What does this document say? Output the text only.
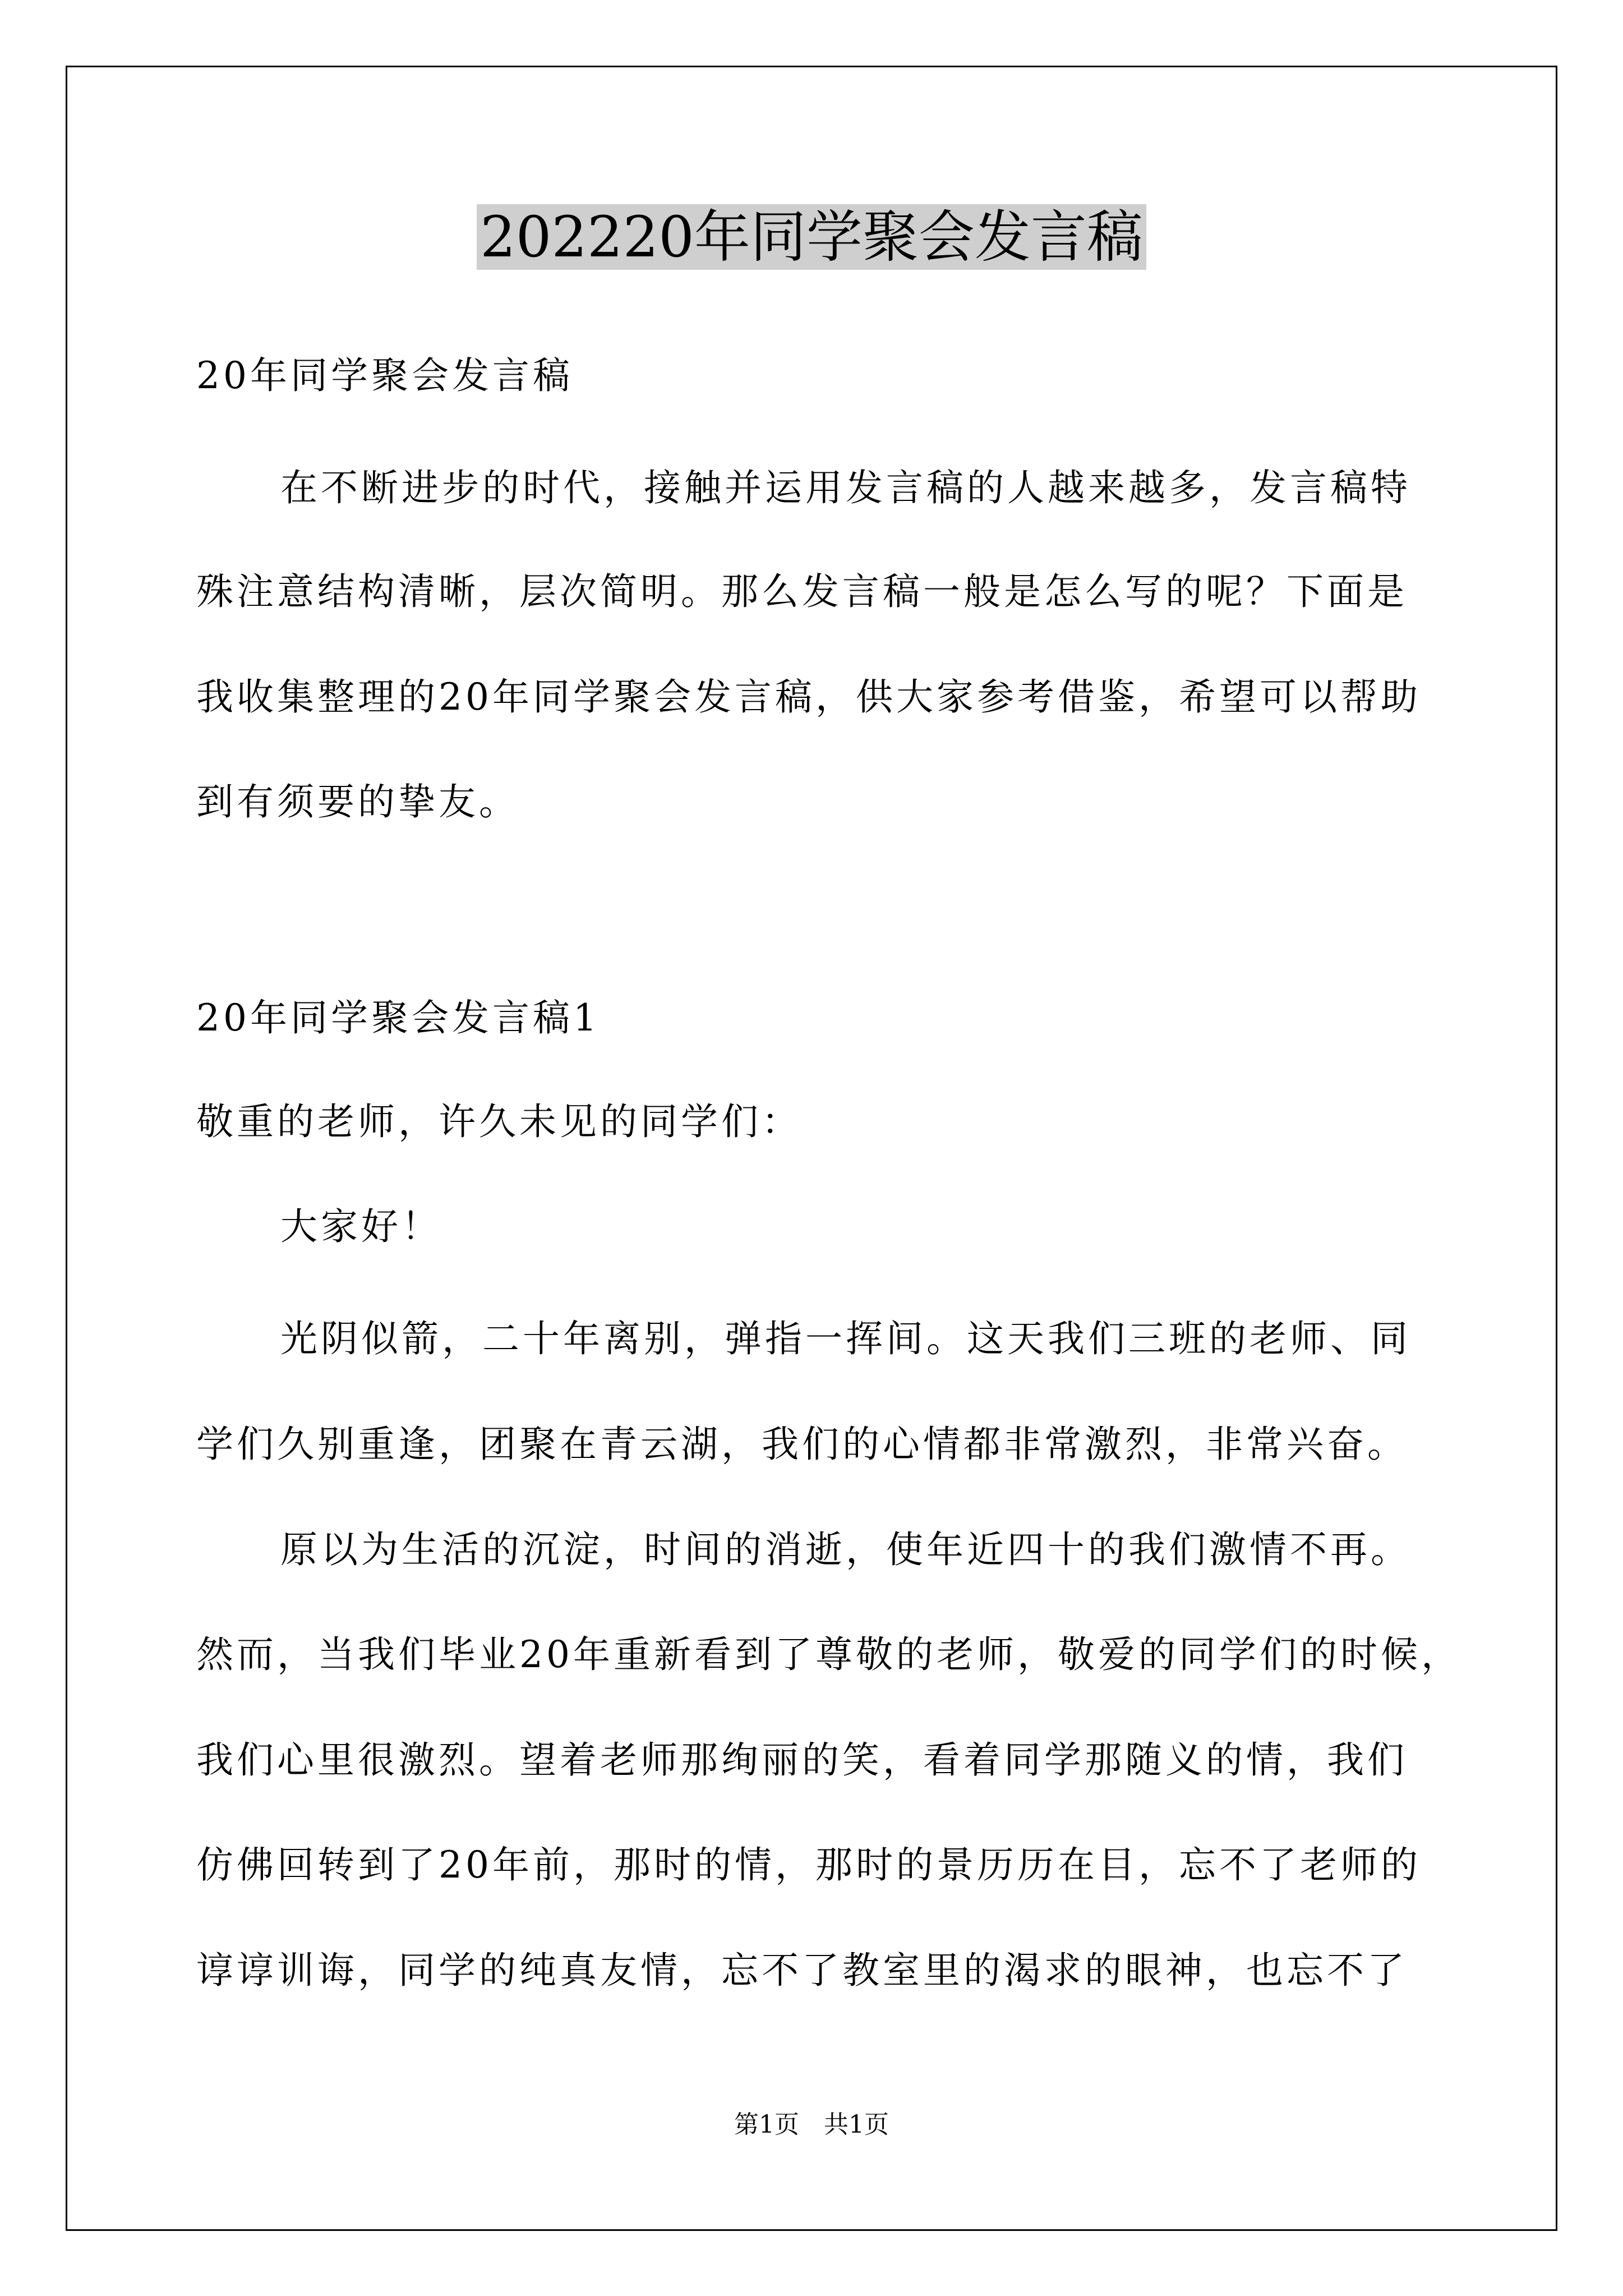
202220年同学聚会发言稿
20年同学聚会发言稿
在不断进步的时代，接触并运用发言稿的人越来越多，发言稿特
殊注意结构清晰，层次简明。那么发言稿一般是怎么写的呢？下面是
我收集整理的20年同学聚会发言稿，供大家参考借鉴，希望可以帮助
到有须要的挚友。
20年同学聚会发言稿1
敬重的老师，许久未见的同学们：
大家好！
光阴似箭，二十年离别，弹指一挥间。这天我们三班的老师、同
学们久别重逢，团聚在青云湖，我们的心情都非常激烈，非常兴奋。
原以为生活的沉淀，时间的消逝，使年近四十的我们激情不再。
然而，当我们毕业20年重新看到了尊敬的老师，敬爱的同学们的时候，
我们心里很激烈。望着老师那绚丽的笑，看着同学那随义的情，我们
仿佛回转到了20年前，那时的情，那时的景历历在目，忘不了老师的
谆谆训诲，同学的纯真友情，忘不了教室里的渴求的眼神，也忘不了
第1页　共1页
